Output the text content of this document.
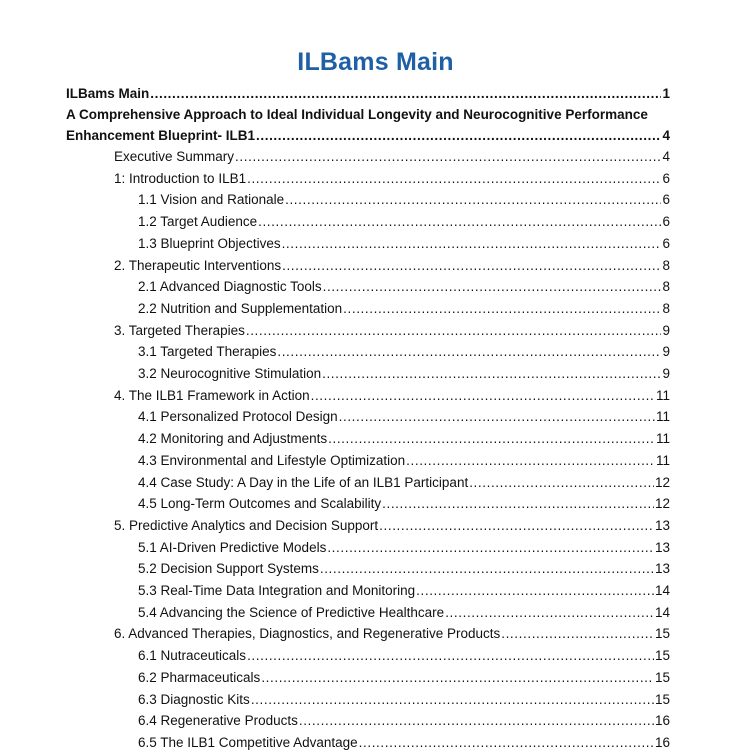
ILBams Main
ILBams Main .....	1
A Comprehensive Approach to Ideal Individual Longevity and Neurocognitive Performance
Enhancement Blueprint- ILB1 .....	4
Executive Summary .....	4
1: Introduction to ILB1 .....	6
1.1 Vision and Rationale .....	6
1.2 Target Audience .....	6
1.3 Blueprint Objectives .....	6
2. Therapeutic Interventions .....	8
2.1 Advanced Diagnostic Tools .....	8
2.2 Nutrition and Supplementation .....	8
3. Targeted Therapies .....	9
3.1 Targeted Therapies .....	9
3.2 Neurocognitive Stimulation .....	9
4. The ILB1 Framework in Action .....	11
4.1 Personalized Protocol Design .....	11
4.2 Monitoring and Adjustments .....	11
4.3 Environmental and Lifestyle Optimization .....	11
4.4 Case Study: A Day in the Life of an ILB1 Participant .....	12
4.5 Long-Term Outcomes and Scalability .....	12
5. Predictive Analytics and Decision Support .....	13
5.1 AI-Driven Predictive Models .....	13
5.2 Decision Support Systems .....	13
5.3 Real-Time Data Integration and Monitoring .....	14
5.4 Advancing the Science of Predictive Healthcare .....	14
6. Advanced Therapies, Diagnostics, and Regenerative Products .....	15
6.1 Nutraceuticals .....	15
6.2 Pharmaceuticals .....	15
6.3 Diagnostic Kits .....	15
6.4 Regenerative Products .....	16
6.5 The ILB1 Competitive Advantage .....	16
